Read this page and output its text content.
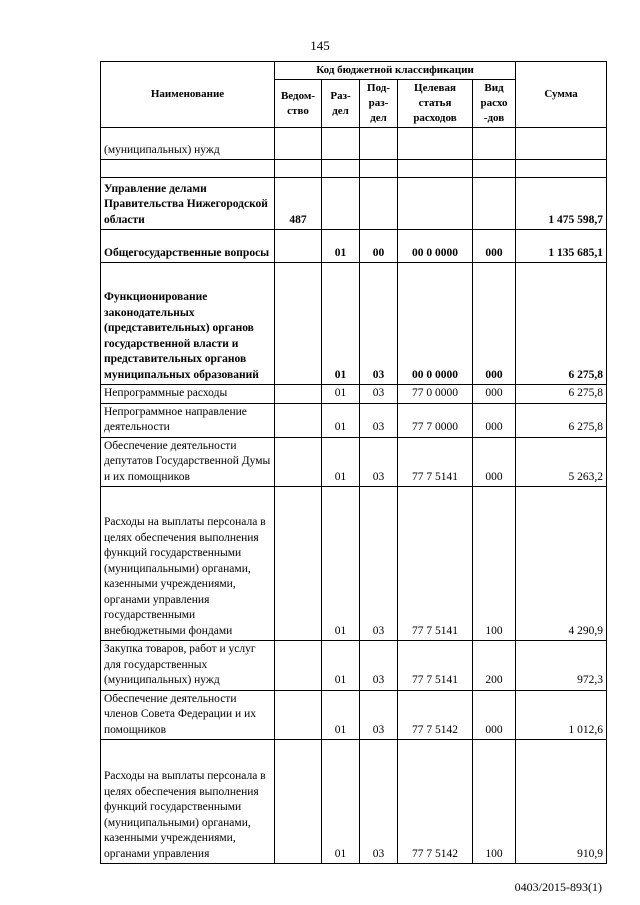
145
Наименование	Код бюджетной классификации					Сумма
	Ведом-ство	Раз-дел	Под-раз-дел	Целевая статья расходов	Вид расхо -дов	
(муниципальных) нужд						

Управление делами Правительства Нижегородской области	487					1 475 598,7
Общегосударственные вопросы		01	00	00 0 0000	000	1 135 685,1
Функционирование законодательных (представительных) органов государственной власти и представительных органов муниципальных образований		01	03	00 0 0000	000	6 275,8
Непрограммные расходы		01	03	77 0 0000	000	6 275,8
Непрограммное направление деятельности		01	03	77 7 0000	000	6 275,8
Обеспечение деятельности депутатов Государственной Думы и их помощников		01	03	77 7 5141	000	5 263,2
Расходы на выплаты персонала в целях обеспечения выполнения функций государственными (муниципальными) органами, казенными учреждениями, органами управления государственными внебюджетными фондами		01	03	77 7 5141	100	4 290,9
Закупка товаров, работ и услуг для государственных (муниципальных) нужд		01	03	77 7 5141	200	972,3
Обеспечение деятельности членов Совета Федерации и их помощников		01	03	77 7 5142	000	1 012,6
Расходы на выплаты персонала в целях обеспечения выполнения функций государственными (муниципальными) органами, казенными учреждениями, органами управления		01	03	77 7 5142	100	910,9
0403/2015-893(1)
